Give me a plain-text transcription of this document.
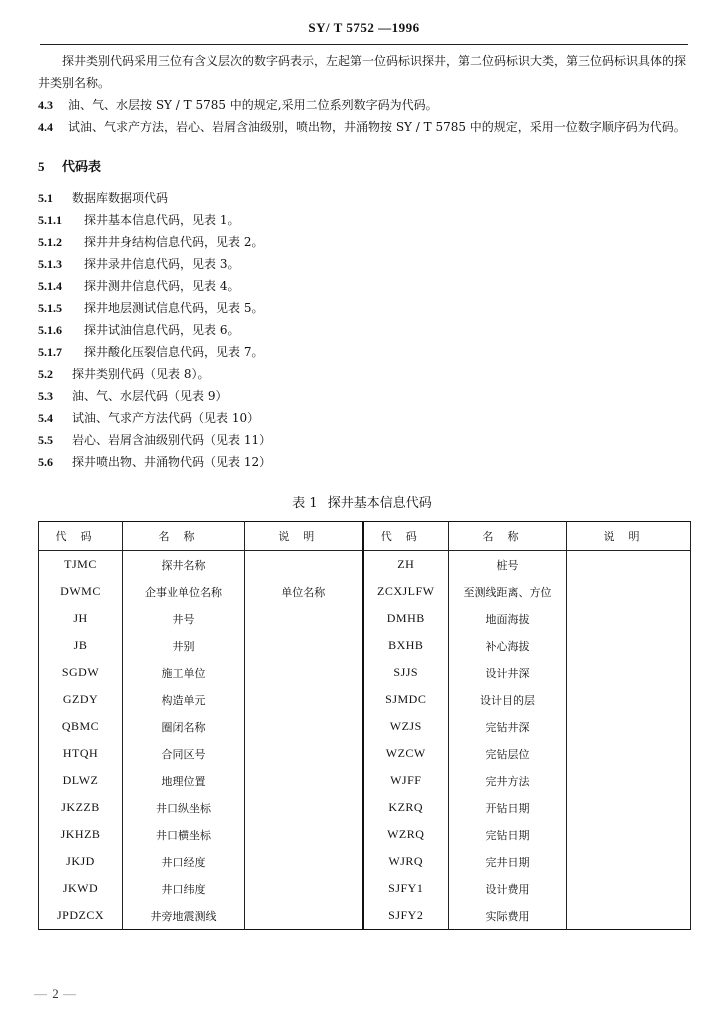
SY/ T 5752 —1996

探井类别代码采用三位有含义层次的数字码表示，左起第一位码标识探井，第二位码标识大类，第三位码标识具体的探井类别名称。

4.3 油、气、水层按 SY / T 5785 中的规定,采用二位系列数字码为代码。

4.4 试油、气求产方法，岩心、岩屑含油级别，喷出物，井涌物按 SY / T 5785 中的规定，采用一位数字顺序码为代码。

5 代码表

5.1 数据库数据项代码

5.1.1 探井基本信息代码，见表 1。

5.1.2 探井井身结构信息代码，见表 2。

5.1.3 探井录井信息代码，见表 3。

5.1.4 探井测井信息代码，见表 4。

5.1.5 探井地层测试信息代码，见表 5。

5.1.6 探井试油信息代码，见表 6。

5.1.7 探井酸化压裂信息代码，见表 7。

5.2 探井类别代码（见表 8）。

5.3 油、气、水层代码（见表 9）

5.4 试油、气求产方法代码（见表 10）

5.5 岩心、岩屑含油级别代码（见表 11）

5.6 探井喷出物、井涌物代码（见表 12）

表 1 探井基本信息代码
代码	名称	说明	代码	名称	说明
TJMC	探井名称		ZH	桩号	
DWMC	企事业单位名称	单位名称	ZCXJLFW	至测线距离、方位	
JH	井号		DMHB	地面海拔	
JB	井别		BXHB	补心海拔	
SGDW	施工单位		SJJS	设计井深	
GZDY	构造单元		SJMDC	设计目的层	
QBMC	圈闭名称		WZJS	完钻井深	
HTQH	合同区号		WZCW	完钻层位	
DLWZ	地理位置		WJFF	完井方法	
JKZZB	井口纵坐标		KZRQ	开钻日期	
JKHZB	井口横坐标		WZRQ	完钻日期	
JKJD	井口经度		WJRQ	完井日期	
JKWD	井口纬度		SJFY1	设计费用	
JPDZCX	井旁地震测线		SJFY2	实际费用	
— 2 —
